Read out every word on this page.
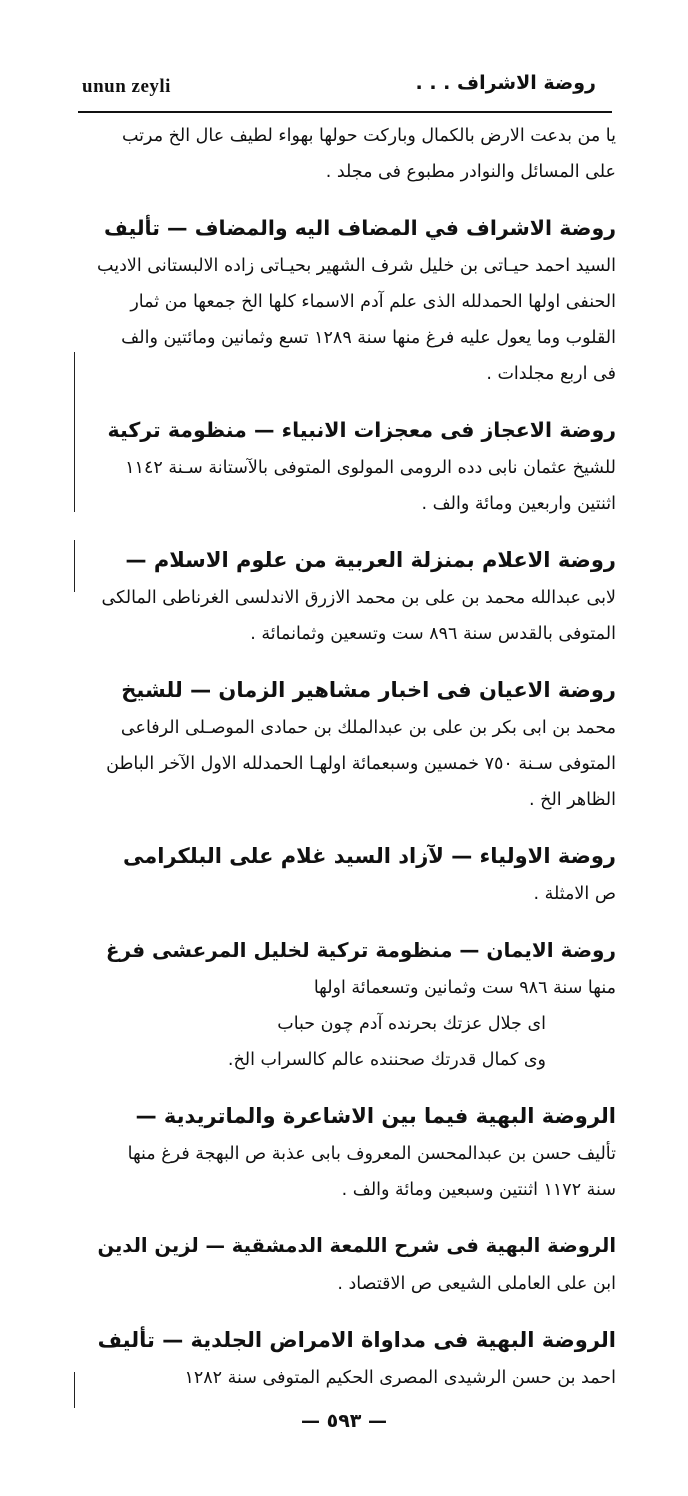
unun zeyli	روضة الاشراف . . .
يا من بدعت الارض بالكمال وبارکت حولها بهواء لطيف عال الخ مرتب على المسائل والنوادر مطبوع فى مجلد .
روضة الاشراف في المضاف اليه والمضاف — تأليف
السيد احمد حيـاتى بن خليل شرف الشهير بحيـاتى زاده الالبستانى الاديب الحنفى اولها الحمدلله الذى علم آدم الاسماء كلها الخ جمعها من ثمار القلوب وما يعول عليه فرغ منها سنة ١٢٨٩ تسع وثمانين ومائتين والف فى اربع مجلدات .
روضة الاعجاز فى معجزات الانبياء — منظومة تركية
للشيخ عثمان نابى دده الرومى المولوى المتوفى بالآستانة سـنة ١١٤٢ اثنتين واربعين ومائة والف .
روضة الاعلام بمنزلة العربية من علوم الاسلام —
لابى عبدالله محمد بن على بن محمد الازرق الاندلسى الغرناطى المالكى المتوفى بالقدس سنة ٨٩٦ ست وتسعين وثمانمائة .
روضة الاعيان فى اخبار مشاهير الزمان — للشيخ
محمد بن ابى بكر بن على بن عبدالملك بن حمادى الموصـلى الرفاعى المتوفى سـنة ٧٥٠ خمسين وسبعمائة اولهـا الحمدلله الاول الآخر الباطن الظاهر الخ .
روضة الاولياء — لآزاد السيد غلام على البلكرامى
ص الامثلة .
روضة الايمان — منظومة تركية لخليل المرعشى فرغ
منها سنة ٩٨٦ ست وثمانين وتسعمائة اولها
اى جلال عزتك بحرنده آدم چون حباب
وى كمال قدرتك صحننده عالم كالسراب الخ.
الروضة البهية فيما بين الاشاعرة والماتريدية —
تأليف حسن بن عبدالمحسن المعروف بابى عذبة ص البهجة فرغ منها سنة ١١٧٢ اثنتين وسبعين ومائة والف .
الروضة البهية فى شرح اللمعة الدمشقية — لزين الدين
ابن على العاملى الشيعى ص الاقتصاد .
الروضة البهية فى مداواة الامراض الجلدية — تأليف
احمد بن حسن الرشيدى المصرى الحكيم المتوفى سنة ١٢٨٢
— ٥٩٣ —
